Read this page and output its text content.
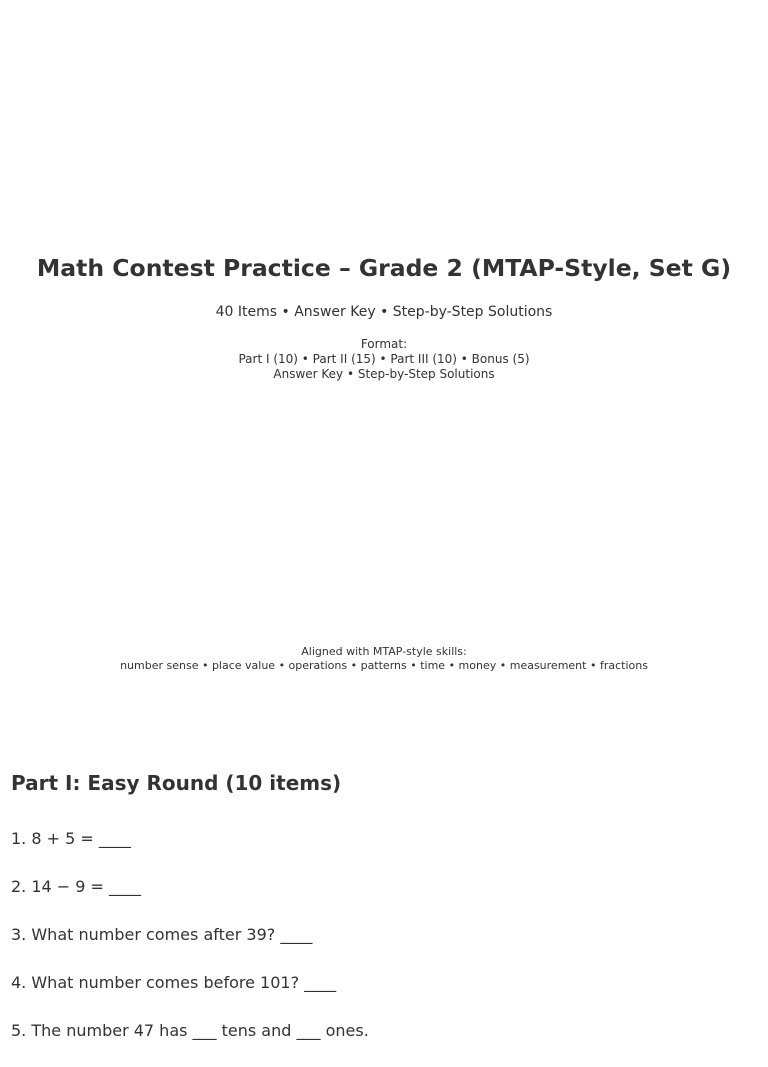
Math Contest Practice – Grade 2 (MTAP-Style, Set G)

40 Items • Answer Key • Step-by-Step Solutions

Format:
Part I (10) • Part II (15) • Part III (10) • Bonus (5)
Answer Key • Step-by-Step Solutions
Aligned with MTAP-style skills:
number sense • place value • operations • patterns • time • money • measurement • fractions
Part I: Easy Round (10 items)
1. 8 + 5 = ____
2. 14 − 9 = ____
3. What number comes after 39? ____
4. What number comes before 101? ____
5. The number 47 has ___ tens and ___ ones.
